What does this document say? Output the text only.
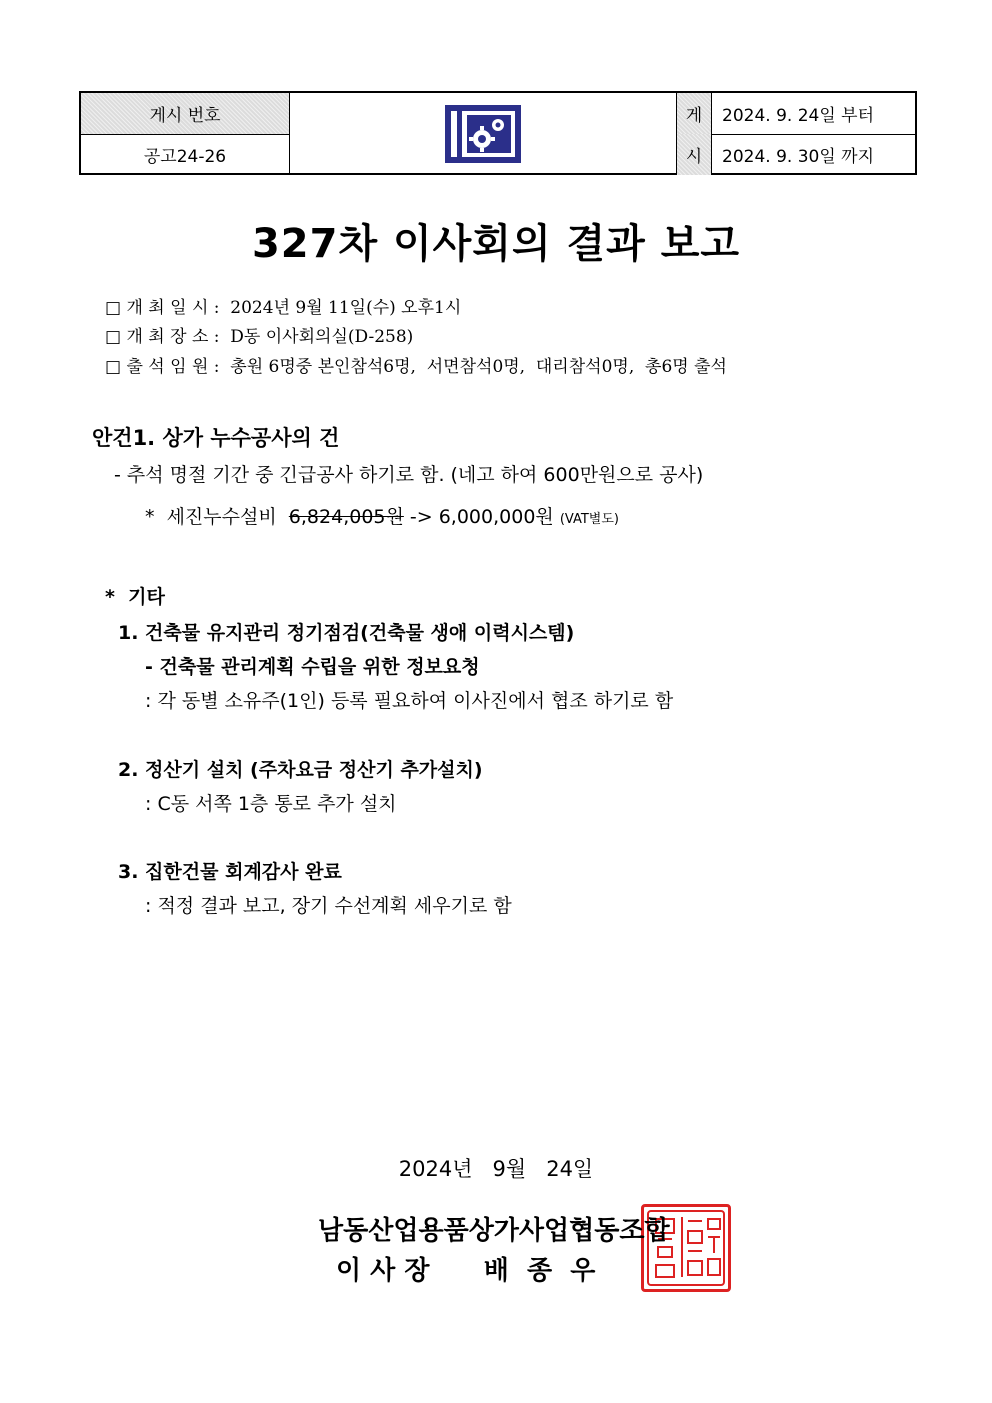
게시 번호
공고24-26
게
시
2024. 9. 24일 부터
2024. 9. 30일 까지
327차 이사회의 결과 보고
□ 개 최 일 시 :  2024년 9월 11일(수) 오후1시
□ 개 최 장 소 :  D동 이사회의실(D-258)
□ 출 석 임 원 :  총원 6명중 본인참석6명,  서면참석0명,  대리참석0명,  총6명 출석
안건1. 상가 누수공사의 건
- 추석 명절 기간 중 긴급공사 하기로 함. (네고 하여 600만원으로 공사)
*  세진누수설비  6,824,005원 -> 6,000,000원 (VAT별도)
*  기타
1. 건축물 유지관리 정기점검(건축물 생애 이력시스템)
- 건축물 관리계획 수립을 위한 정보요청
: 각 동별 소유주(1인) 등록 필요하여 이사진에서 협조 하기로 함
2. 정산기 설치 (주차요금 정산기 추가설치)
: C동 서쪽 1층 통로 추가 설치
3. 집한건물 회계감사 완료
: 적정 결과 보고, 장기 수선계획 세우기로 함
2024년   9월   24일
남동산업용품상가사업협동조합
이 사 장      배  종  우
